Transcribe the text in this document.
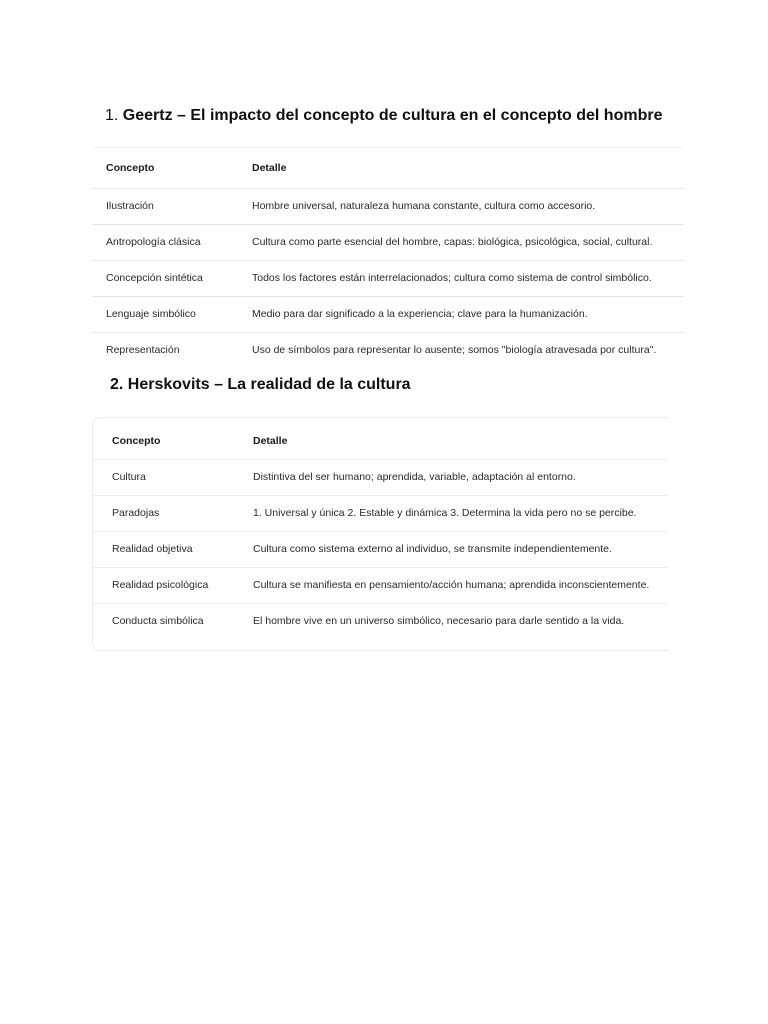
1. Geertz – El impacto del concepto de cultura en el concepto del hombre
Concepto	Detalle
Ilustración	Hombre universal, naturaleza humana constante, cultura como accesorio.
Antropología clásica	Cultura como parte esencial del hombre, capas: biológica, psicológica, social, cultural.
Concepción sintética	Todos los factores están interrelacionados; cultura como sistema de control simbólico.
Lenguaje simbólico	Medio para dar significado a la experiencia; clave para la humanización.
Representación	Uso de símbolos para representar lo ausente; somos "biología atravesada por cultura".
2. Herskovits – La realidad de la cultura
Concepto	Detalle
Cultura	Distintiva del ser humano; aprendida, variable, adaptación al entorno.
Paradojas	1. Universal y única 2. Estable y dinámica 3. Determina la vida pero no se percibe.
Realidad objetiva	Cultura como sistema externo al individuo, se transmite independientemente.
Realidad psicológica	Cultura se manifiesta en pensamiento/acción humana; aprendida inconscientemente.
Conducta simbólica	El hombre vive en un universo simbólico, necesario para darle sentido a la vida.
